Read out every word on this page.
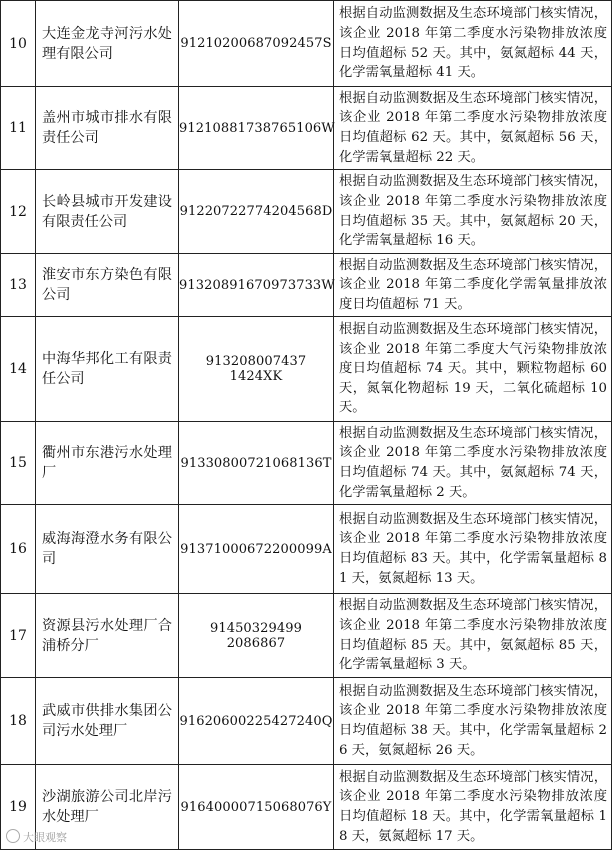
10	大连金龙寺河污水处理有限公司	91210200687092457S	根据自动监测数据及生态环境部门核实情况，该企业 2018 年第二季度水污染物排放浓度日均值超标 52 天。其中，氨氮超标 44 天，化学需氧量超标 41 天。
11	盖州市城市排水有限责任公司	91210881738765106W	根据自动监测数据及生态环境部门核实情况，该企业 2018 年第二季度水污染物排放浓度日均值超标 62 天。其中，氨氮超标 56 天，化学需氧量超标 22 天。
12	长岭县城市开发建设有限责任公司	91220722774204568D	根据自动监测数据及生态环境部门核实情况，该企业 2018 年第二季度水污染物排放浓度日均值超标 35 天。其中，氨氮超标 20 天，化学需氧量超标 16 天。
13	淮安市东方染色有限公司	91320891670973733W	根据自动监测数据及生态环境部门核实情况，该企业 2018 年第二季度化学需氧量排放浓度日均值超标 71 天。
14	中海华邦化工有限责任公司	913208007437 1424XK	根据自动监测数据及生态环境部门核实情况，该企业 2018 年第二季度大气污染物排放浓度日均值超标 74 天。其中，颗粒物超标 60 天，氮氧化物超标 19 天，二氧化硫超标 10 天。
15	衢州市东港污水处理厂	91330800721068136T	根据自动监测数据及生态环境部门核实情况，该企业 2018 年第二季度水污染物排放浓度日均值超标 74 天。其中，氨氮超标 74 天，化学需氧量超标 2 天。
16	威海海澄水务有限公司	91371000672200099A	根据自动监测数据及生态环境部门核实情况，该企业 2018 年第二季度水污染物排放浓度日均值超标 83 天。其中，化学需氧量超标 81 天，氨氮超标 13 天。
17	资源县污水处理厂合浦桥分厂	91450329499 2086867	根据自动监测数据及生态环境部门核实情况，该企业 2018 年第二季度水污染物排放浓度日均值超标 85 天。其中，氨氮超标 85 天，化学需氧量超标 3 天。
18	武威市供排水集团公司污水处理厂	91620600225427240Q	根据自动监测数据及生态环境部门核实情况，该企业 2018 年第二季度水污染物排放浓度日均值超标 38 天。其中，化学需氧量超标 26 天，氨氮超标 26 天。
19	沙湖旅游公司北岸污水处理厂	91640000715068076Y	根据自动监测数据及生态环境部门核实情况，该企业 2018 年第二季度水污染物排放浓度日均值超标 18 天。其中，化学需氧量超标 18 天，氨氮超标 17 天。
大眼观察
